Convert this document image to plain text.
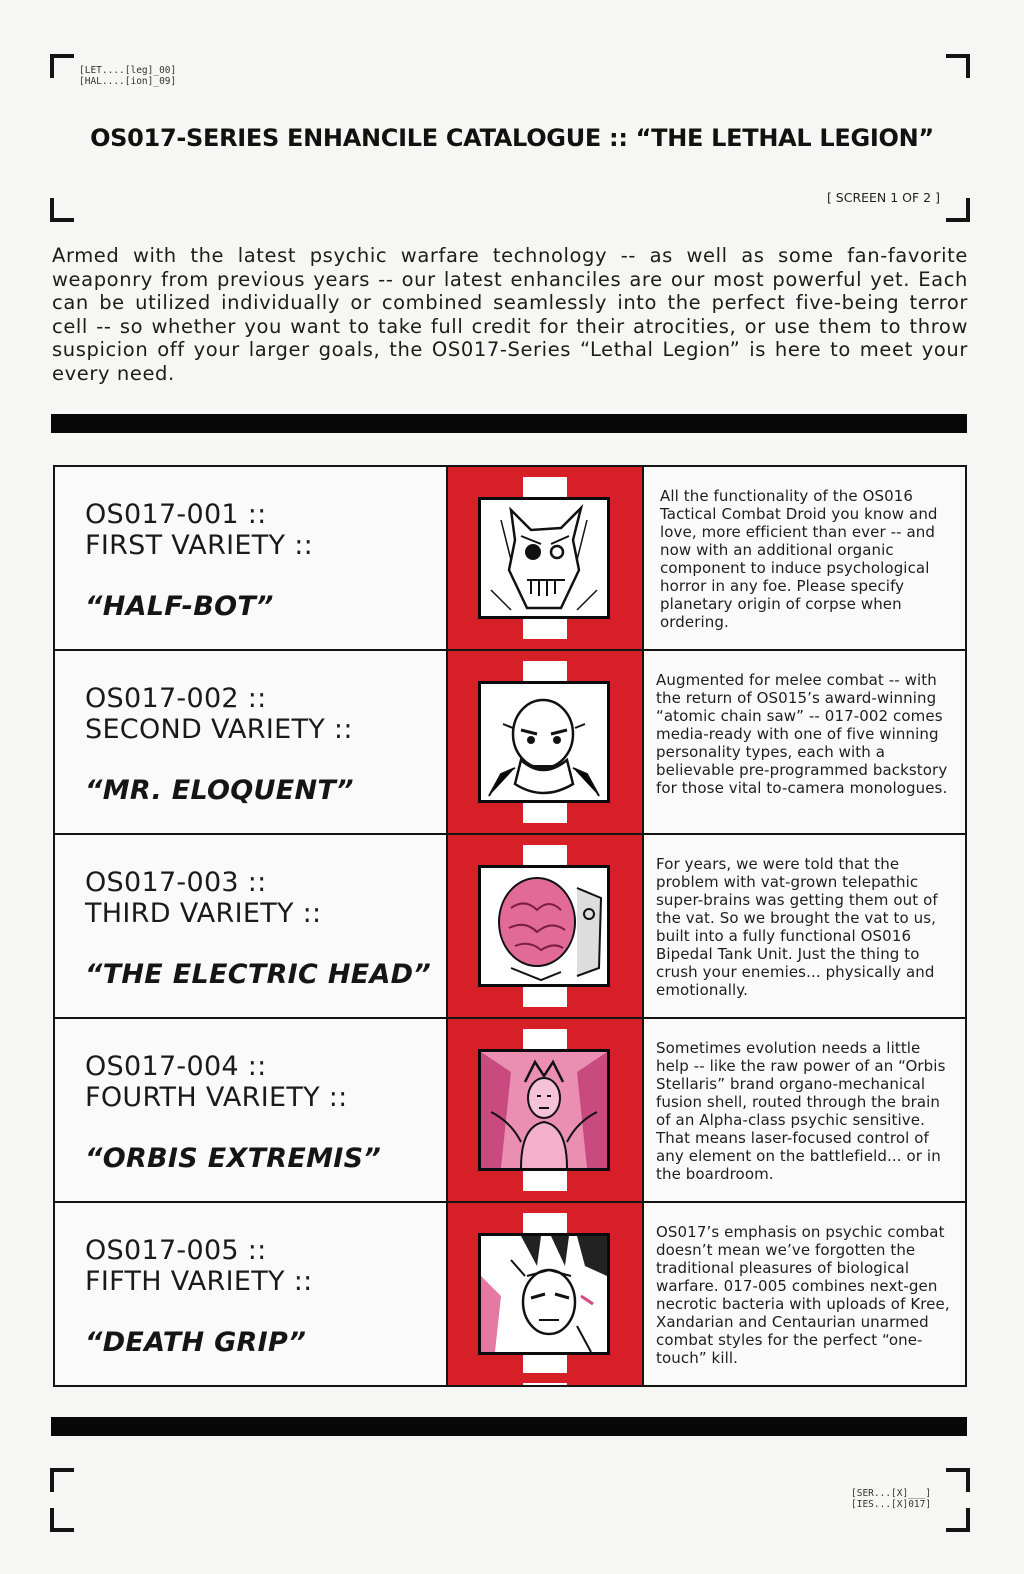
[LET....[leg]_00]
[HAL....[ion]_09]
OS017-SERIES ENHANCILE CATALOGUE :: “THE LETHAL LEGION”
[ SCREEN 1 OF 2 ]
Armed with the latest psychic warfare technology -- as well as some fan-favorite weaponry from previous years -- our latest enhanciles are our most powerful yet. Each can be utilized individually or combined seamlessly into the perfect five-being terror cell -- so whether you want to take full credit for their atrocities, or use them to throw suspicion off your larger goals, the OS017-Series “Lethal Legion” is here to meet your every need.
OS017-001 ::
FIRST VARIETY ::
“HALF-BOT”
All the functionality of the OS016 Tactical Combat Droid you know and love, more efficient than ever -- and now with an additional organic component to induce psychological horror in any foe. Please specify planetary origin of corpse when ordering.
OS017-002 ::
SECOND VARIETY ::
“MR. ELOQUENT”
Augmented for melee combat -- with the return of OS015’s award-winning “atomic chain saw” -- 017-002 comes media-ready with one of five winning personality types, each with a believable pre-programmed backstory for those vital to-camera monologues.
OS017-003 ::
THIRD VARIETY ::
“THE ELECTRIC HEAD”
For years, we were told that the problem with vat-grown telepathic super-brains was getting them out of the vat. So we brought the vat to us, built into a fully functional OS016 Bipedal Tank Unit. Just the thing to crush your enemies... physically and emotionally.
OS017-004 ::
FOURTH VARIETY ::
“ORBIS EXTREMIS”
Sometimes evolution needs a little help -- like the raw power of an “Orbis Stellaris” brand organo-mechanical fusion shell, routed through the brain of an Alpha-class psychic sensitive. That means laser-focused control of any element on the battlefield... or in the boardroom.
OS017-005 ::
FIFTH VARIETY ::
“DEATH GRIP”
OS017’s emphasis on psychic combat doesn’t mean we’ve forgotten the traditional pleasures of biological warfare. 017-005 combines next-gen necrotic bacteria with uploads of Kree, Xandarian and Centaurian unarmed combat styles for the perfect “one-touch” kill.
[SER...[X]___]
[IES...[X]017]
